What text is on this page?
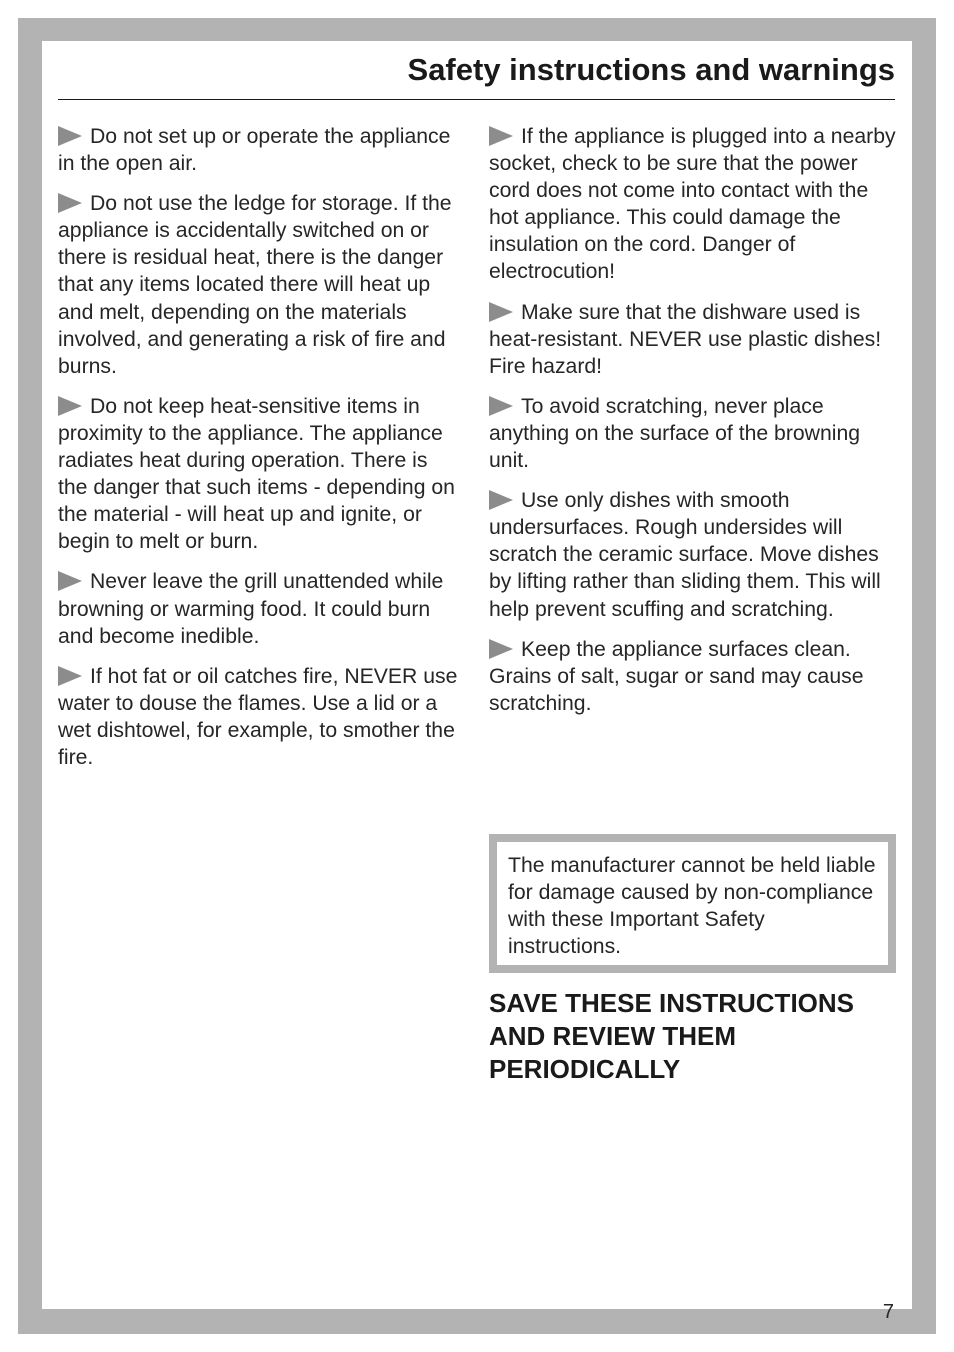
Safety instructions and warnings

Do not set up or operate the appliance in the open air.

Do not use the ledge for storage. If the appliance is accidentally switched on or there is residual heat, there is the danger that any items located there will heat up and melt, depending on the materials involved, and generating a risk of fire and burns.

Do not keep heat-sensitive items in proximity to the appliance. The appliance radiates heat during operation. There is the danger that such items - depending on the material - will heat up and ignite, or begin to melt or burn.

Never leave the grill unattended while browning or warming food. It could burn and become inedible.

If hot fat or oil catches fire, NEVER use water to douse the flames. Use a lid or a wet dishtowel, for example, to smother the fire.

If the appliance is plugged into a nearby socket, check to be sure that the power cord does not come into contact with the hot appliance. This could damage the insulation on the cord. Danger of electrocution!

Make sure that the dishware used is heat-resistant. NEVER use plastic dishes! Fire hazard!

To avoid scratching, never place anything on the surface of the browning unit.

Use only dishes with smooth undersurfaces. Rough undersides will scratch the ceramic surface. Move dishes by lifting rather than sliding them. This will help prevent scuffing and scratching.

Keep the appliance surfaces clean. Grains of salt, sugar or sand may cause scratching.

The manufacturer cannot be held liable for damage caused by non-compliance with these Important Safety instructions.

SAVE THESE INSTRUCTIONS AND REVIEW THEM PERIODICALLY
7
